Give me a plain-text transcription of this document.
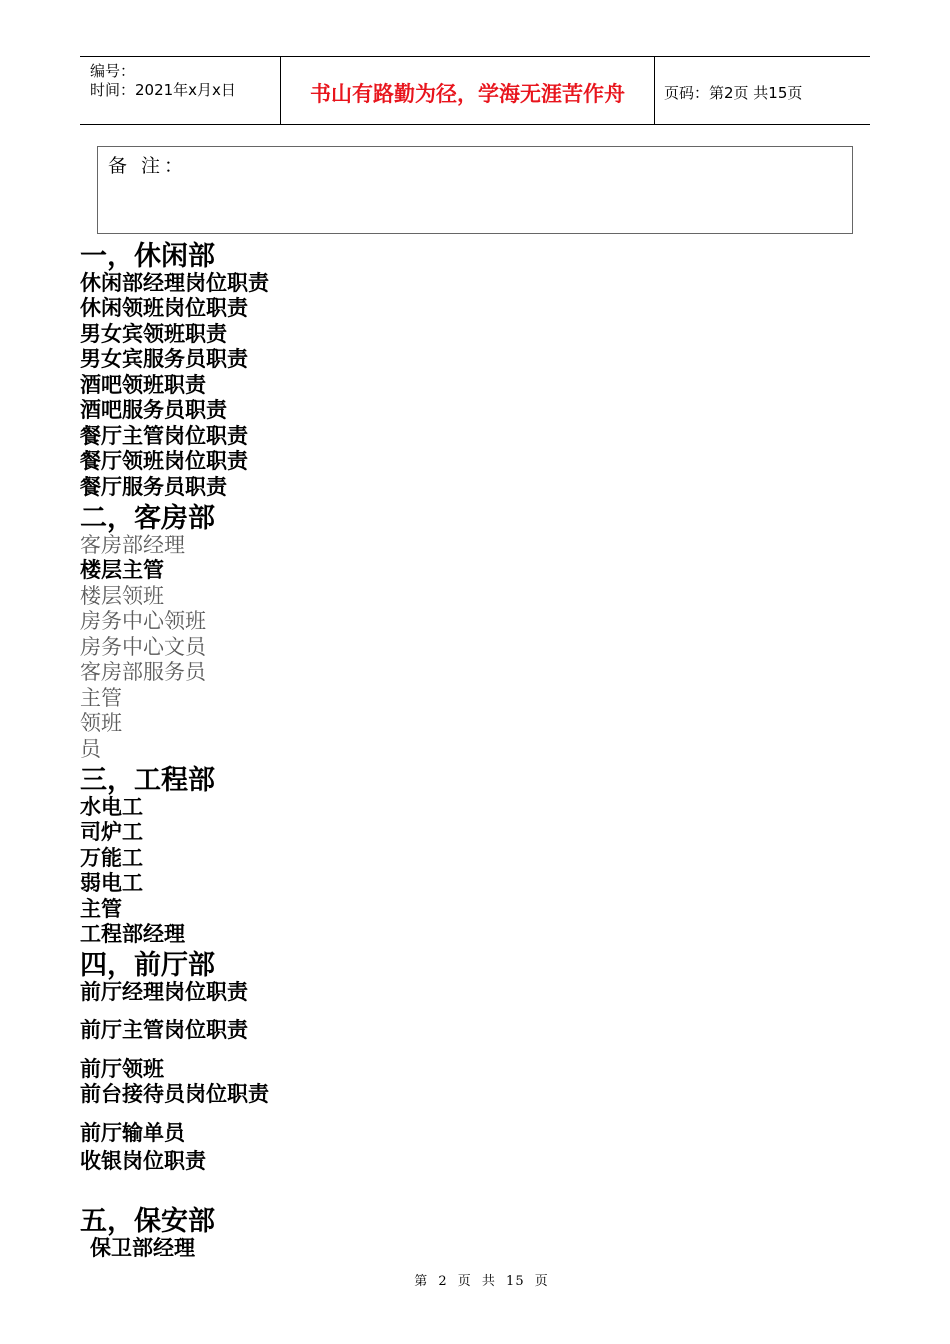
编号：
时间：2021年x月x日	书山有路勤为径，学海无涯苦作舟	页码：第2页 共15页
备 注：
一，休闲部
休闲部经理岗位职责
休闲领班岗位职责
男女宾领班职责
男女宾服务员职责
酒吧领班职责
酒吧服务员职责
餐厅主管岗位职责
餐厅领班岗位职责
餐厅服务员职责
二，客房部
客房部经理
楼层主管
楼层领班
房务中心领班
房务中心文员
客房部服务员
主管
领班
员
三，工程部
水电工
司炉工
万能工
弱电工
主管
工程部经理
四，前厅部
前厅经理岗位职责
前厅主管岗位职责
前厅领班
前台接待员岗位职责
前厅输单员
收银岗位职责
五，保安部
保卫部经理
第 2 页 共 15 页
